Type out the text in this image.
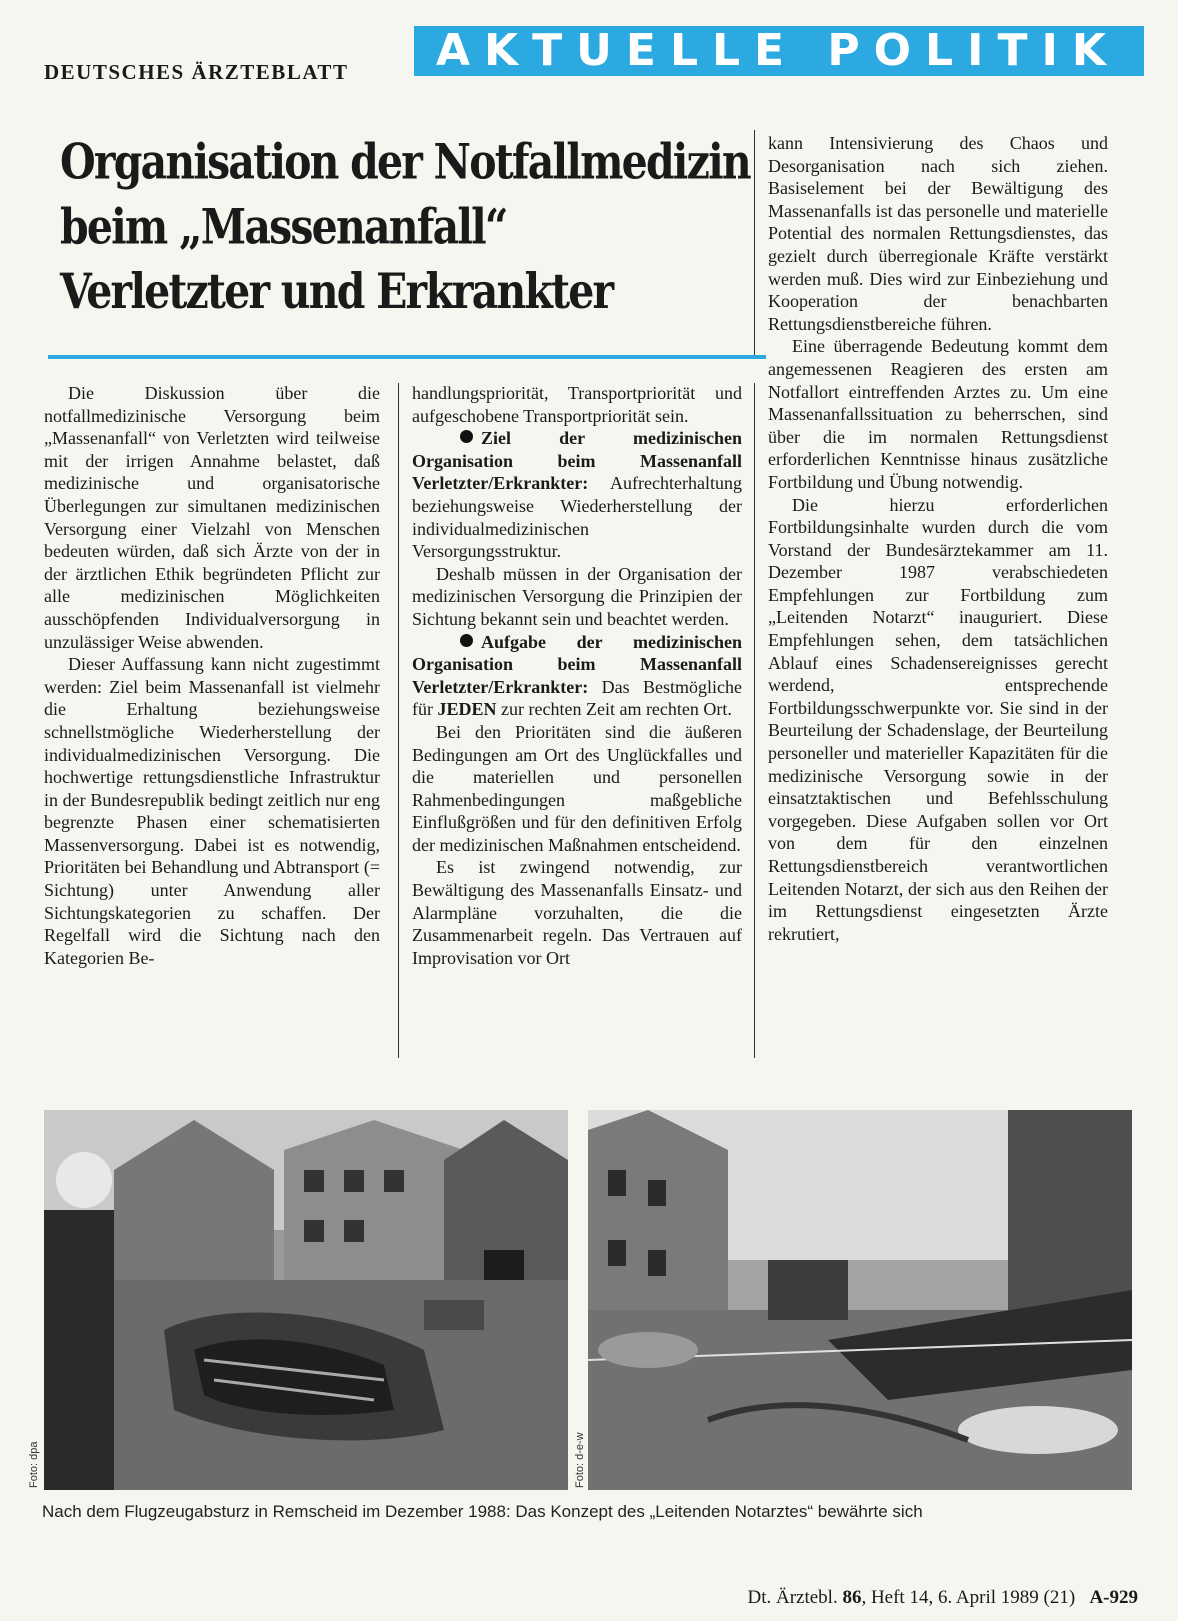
DEUTSCHES ÄRZTEBLATT	AKTUELLE POLITIK
Organisation der Notfallmedizin
beim „Massenanfall“
Verletzter und Erkrankter

Die Diskussion über die notfallmedizinische Versorgung beim „Massenanfall“ von Verletzten wird teilweise mit der irrigen Annahme belastet, daß medizinische und organisatorische Überlegungen zur simultanen medizinischen Versorgung einer Vielzahl von Menschen bedeuten würden, daß sich Ärzte von der in der ärztlichen Ethik begründeten Pflicht zur alle medizinischen Möglichkeiten ausschöpfenden Individualversorgung in unzulässiger Weise abwenden.

Dieser Auffassung kann nicht zugestimmt werden: Ziel beim Massenanfall ist vielmehr die Erhaltung beziehungsweise schnellstmögliche Wiederherstellung der individualmedizinischen Versorgung. Die hochwertige rettungsdienstliche Infrastruktur in der Bundesrepublik bedingt zeitlich nur eng begrenzte Phasen einer schematisierten Massenversorgung. Dabei ist es notwendig, Prioritäten bei Behandlung und Abtransport (= Sichtung) unter Anwendung aller Sichtungskategorien zu schaffen. Der Regelfall wird die Sichtung nach den Kategorien Be-

handlungspriorität, Transportpriorität und aufgeschobene Transportpriorität sein.

Ziel der medizinischen Organisation beim Massenanfall Verletzter/Erkrankter: Aufrechterhaltung beziehungsweise Wiederherstellung der individualmedizinischen Versorgungsstruktur.

Deshalb müssen in der Organisation der medizinischen Versorgung die Prinzipien der Sichtung bekannt sein und beachtet werden.

Aufgabe der medizinischen Organisation beim Massenanfall Verletzter/Erkrankter: Das Bestmögliche für JEDEN zur rechten Zeit am rechten Ort.

Bei den Prioritäten sind die äußeren Bedingungen am Ort des Unglückfalles und die materiellen und personellen Rahmenbedingungen maßgebliche Einflußgrößen und für den definitiven Erfolg der medizinischen Maßnahmen entscheidend.

Es ist zwingend notwendig, zur Bewältigung des Massenanfalls Einsatz- und Alarmpläne vorzuhalten, die die Zusammenarbeit regeln. Das Vertrauen auf Improvisation vor Ort

kann Intensivierung des Chaos und Desorganisation nach sich ziehen. Basiselement bei der Bewältigung des Massenanfalls ist das personelle und materielle Potential des normalen Rettungsdienstes, das gezielt durch überregionale Kräfte verstärkt werden muß. Dies wird zur Einbeziehung und Kooperation der benachbarten Rettungsdienstbereiche führen.

Eine überragende Bedeutung kommt dem angemessenen Reagieren des ersten am Notfallort eintreffenden Arztes zu. Um eine Massenanfallssituation zu beherrschen, sind über die im normalen Rettungsdienst erforderlichen Kenntnisse hinaus zusätzliche Fortbildung und Übung notwendig.

Die hierzu erforderlichen Fortbildungsinhalte wurden durch die vom Vorstand der Bundesärztekammer am 11. Dezember 1987 verabschiedeten Empfehlungen zur Fortbildung zum „Leitenden Notarzt“ inauguriert. Diese Empfehlungen sehen, dem tatsächlichen Ablauf eines Schadensereignisses gerecht werdend, entsprechende Fortbildungsschwerpunkte vor. Sie sind in der Beurteilung der Schadenslage, der Beurteilung personeller und materieller Kapazitäten für die medizinische Versorgung sowie in der einsatztaktischen und Befehlsschulung vorgegeben. Diese Aufgaben sollen vor Ort von dem für den einzelnen Rettungsdienstbereich verantwortlichen Leitenden Notarzt, der sich aus den Reihen der im Rettungsdienst eingesetzten Ärzte rekrutiert,

Foto: dpa	Foto: d-e-w
Nach dem Flugzeugabsturz in Remscheid im Dezember 1988: Das Konzept des „Leitenden Notarztes“ bewährte sich
Dt. Ärztebl. 86, Heft 14, 6. April 1989 (21) A-929
